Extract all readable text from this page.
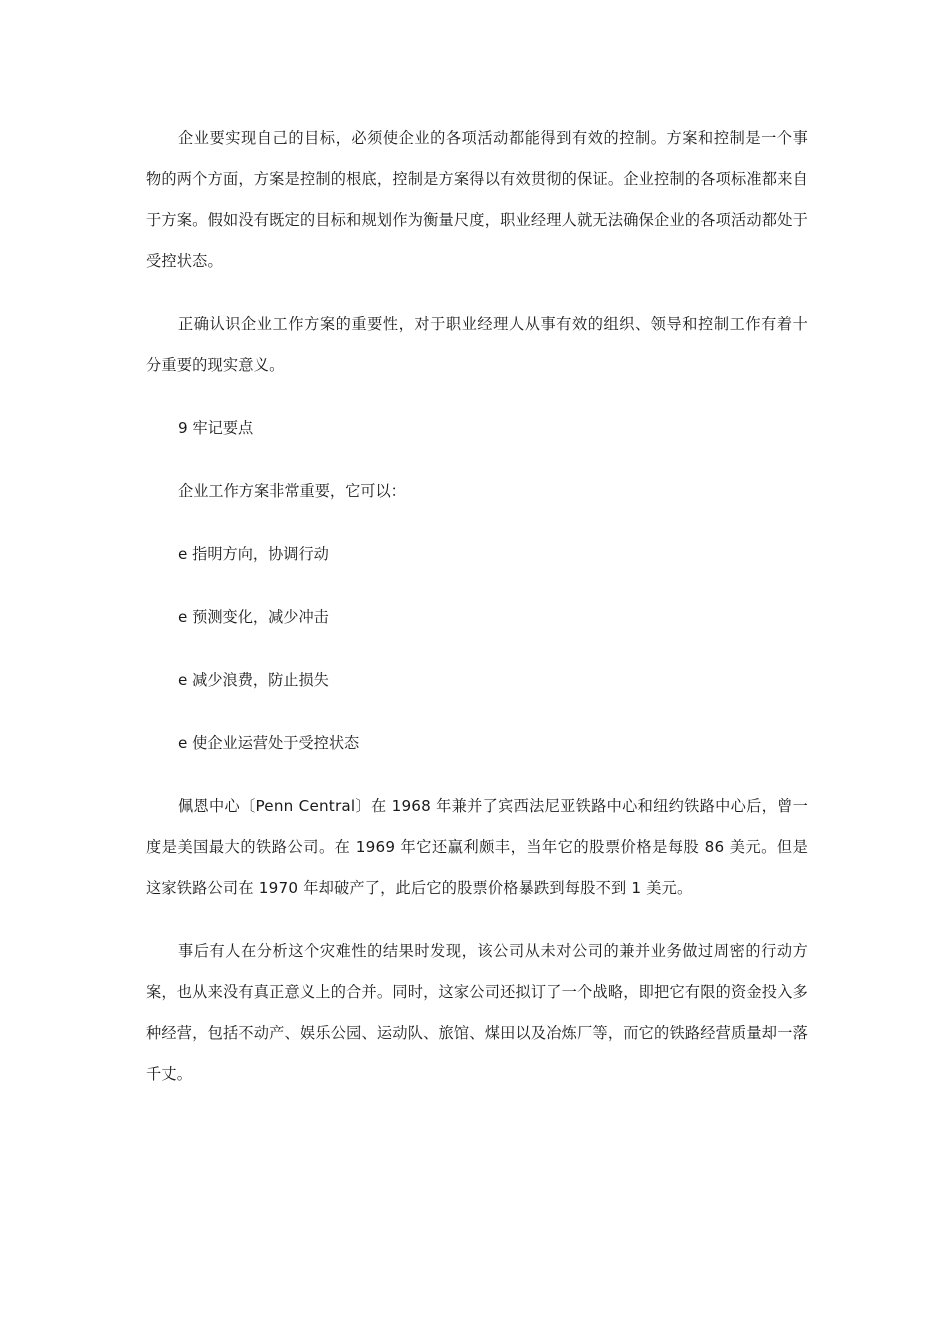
企业要实现自己的目标，必须使企业的各项活动都能得到有效的控制。方案和控制是一个事物的两个方面，方案是控制的根底，控制是方案得以有效贯彻的保证。企业控制的各项标准都来自于方案。假如没有既定的目标和规划作为衡量尺度，职业经理人就无法确保企业的各项活动都处于受控状态。

正确认识企业工作方案的重要性，对于职业经理人从事有效的组织、领导和控制工作有着十分重要的现实意义。

9 牢记要点

企业工作方案非常重要，它可以：

e 指明方向，协调行动

e 预测变化，减少冲击

e 减少浪费，防止损失

e 使企业运营处于受控状态

佩恩中心〔Penn Central〕在 1968 年兼并了宾西法尼亚铁路中心和纽约铁路中心后，曾一度是美国最大的铁路公司。在 1969 年它还赢利颇丰，当年它的股票价格是每股 86 美元。但是这家铁路公司在 1970 年却破产了，此后它的股票价格暴跌到每股不到 1 美元。

事后有人在分析这个灾难性的结果时发现，该公司从未对公司的兼并业务做过周密的行动方案，也从来没有真正意义上的合并。同时，这家公司还拟订了一个战略，即把它有限的资金投入多种经营，包括不动产、娱乐公园、运动队、旅馆、煤田以及冶炼厂等，而它的铁路经营质量却一落千丈。
